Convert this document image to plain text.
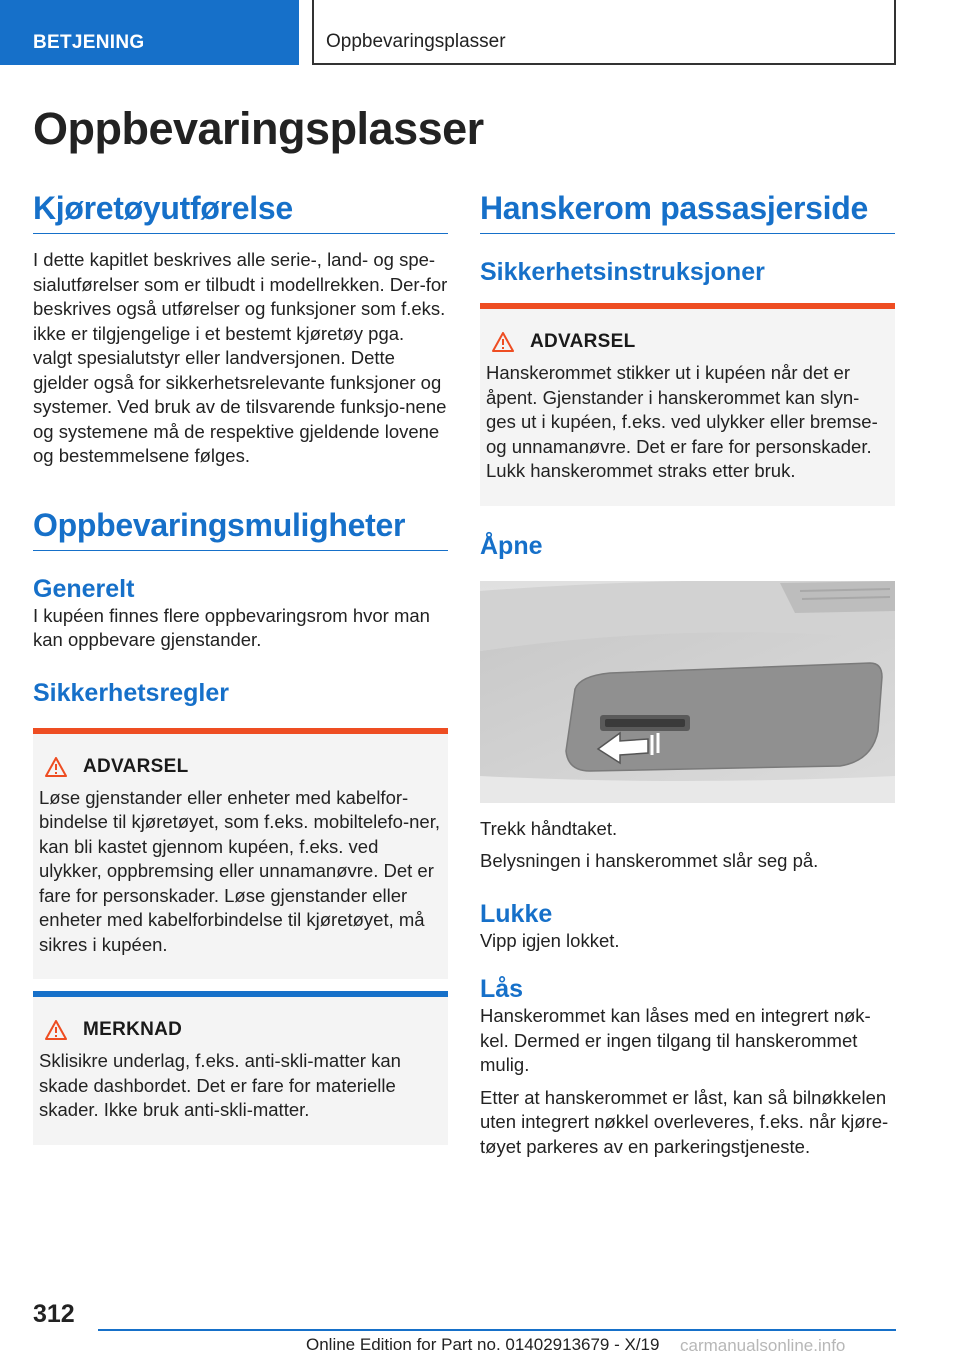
BETJENING	Oppbevaringsplasser
Oppbevaringsplasser
Kjøretøyutførelse

I dette kapitlet beskrives alle serie-, land- og spe-sialutførelser som er tilbudt i modellrekken. Der-for beskrives også utførelser og funksjoner som f.eks. ikke er tilgjengelige i et bestemt kjøretøy pga. valgt spesialutstyr eller landversjonen. Dette gjelder også for sikkerhetsrelevante funksjoner og systemer. Ved bruk av de tilsvarende funksjo-nene og systemene må de respektive gjeldende lovene og bestemmelsene følges.

Oppbevaringsmuligheter
Generelt

I kupéen finnes flere oppbevaringsrom hvor man kan oppbevare gjenstander.

Sikkerhetsregler
ADVARSEL

Løse gjenstander eller enheter med kabelfor-bindelse til kjøretøyet, som f.eks. mobiltelefo-ner, kan bli kastet gjennom kupéen, f.eks. ved ulykker, oppbremsing eller unnamanøvre. Det er fare for personskader. Løse gjenstander eller enheter med kabelforbindelse til kjøretøyet, må sikres i kupéen.

MERKNAD

Sklisikre underlag, f.eks. anti-skli-matter kan skade dashbordet. Det er fare for materielle skader. Ikke bruk anti-skli-matter.

Hanskerom passasjerside
Sikkerhetsinstruksjoner
ADVARSEL

Hanskerommet stikker ut i kupéen når det er åpent. Gjenstander i hanskerommet kan slyn-ges ut i kupéen, f.eks. ved ulykker eller bremse- og unnamanøvre. Det er fare for personskader. Lukk hanskerommet straks etter bruk.

Åpne

Trekk håndtaket.

Belysningen i hanskerommet slår seg på.

Lukke

Vipp igjen lokket.

Lås

Hanskerommet kan låses med en integrert nøk-kel. Dermed er ingen tilgang til hanskerommet mulig.

Etter at hanskerommet er låst, kan så bilnøkkelen uten integrert nøkkel overleveres, f.eks. når kjøre-tøyet parkeres av en parkeringstjeneste.

312
Online Edition for Part no. 01402913679 - X/19 carmanualsonline.info
